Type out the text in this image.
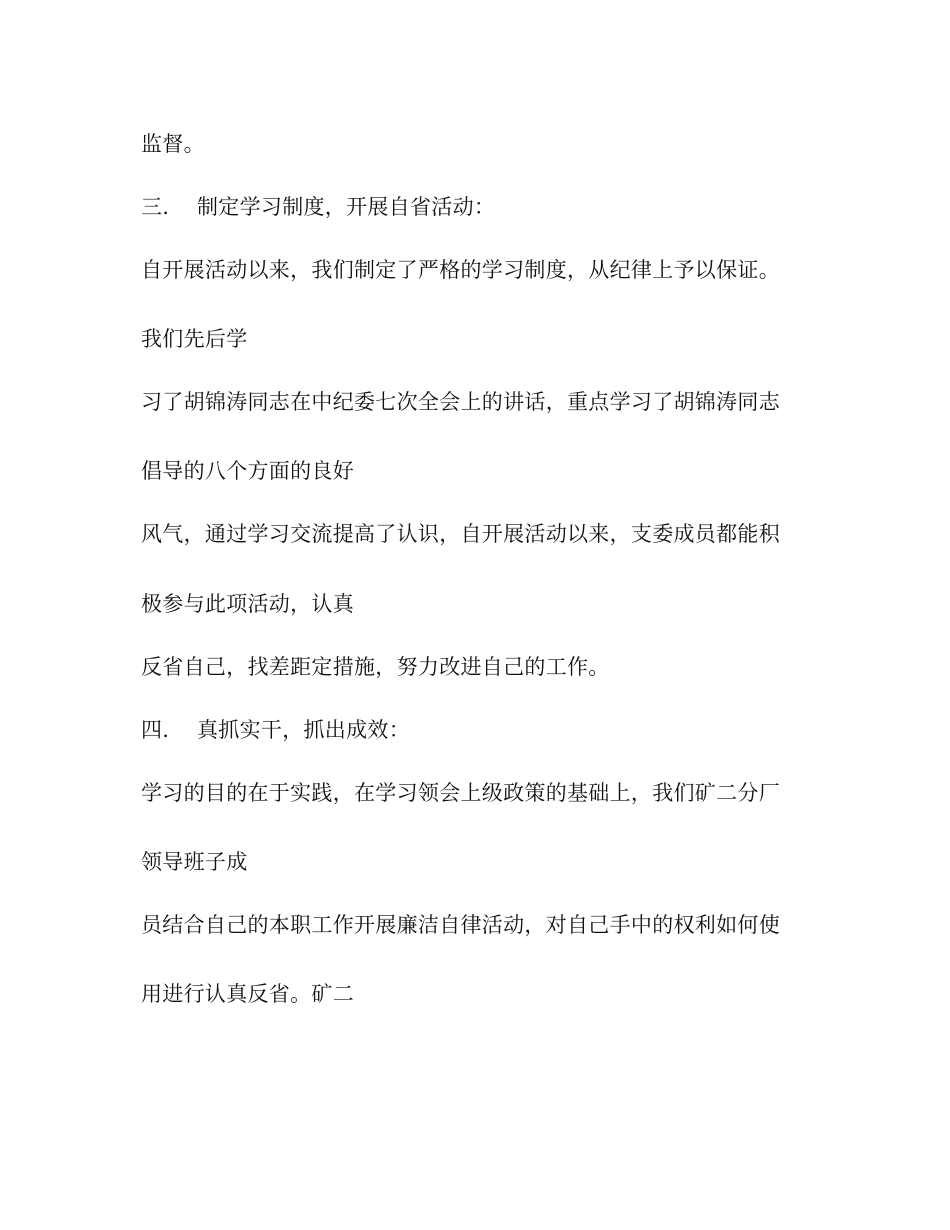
监督。
三. 制定学习制度，开展自省活动：
自开展活动以来，我们制定了严格的学习制度，从纪律上予以保证。
我们先后学
习了胡锦涛同志在中纪委七次全会上的讲话，重点学习了胡锦涛同志
倡导的八个方面的良好
风气，通过学习交流提高了认识，自开展活动以来，支委成员都能积
极参与此项活动，认真
反省自己，找差距定措施，努力改进自己的工作。
四. 真抓实干，抓出成效：
学习的目的在于实践，在学习领会上级政策的基础上，我们矿二分厂
领导班子成
员结合自己的本职工作开展廉洁自律活动，对自己手中的权利如何使
用进行认真反省。矿二
